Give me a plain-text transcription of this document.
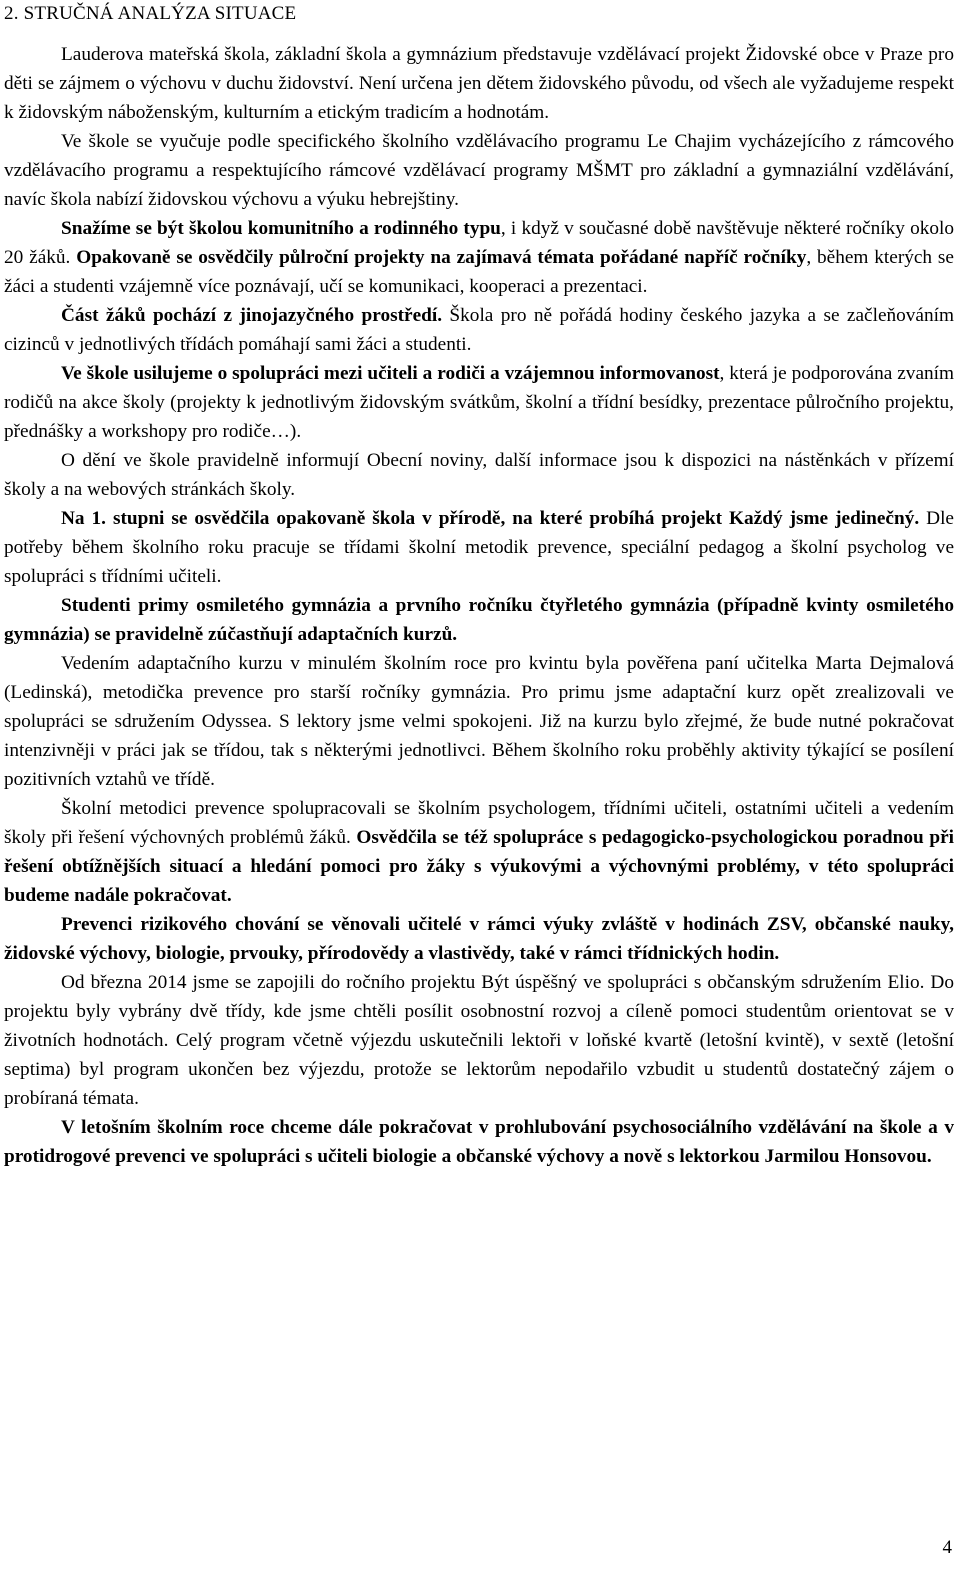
2. STRUČNÁ ANALÝZA SITUACE

Lauderova mateřská škola, základní škola a gymnázium představuje vzdělávací projekt Židovské obce v Praze pro děti se zájmem o výchovu v duchu židovství. Není určena jen dětem židovského původu, od všech ale vyžadujeme respekt k židovským náboženským, kulturním a etickým tradicím a hodnotám.

Ve škole se vyučuje podle specifického školního vzdělávacího programu Le Chajim vycházejícího z rámcového vzdělávacího programu a respektujícího rámcové vzdělávací programy MŠMT pro základní a gymnaziální vzdělávání, navíc škola nabízí židovskou výchovu a výuku hebrejštiny.

Snažíme se být školou komunitního a rodinného typu, i když v současné době navštěvuje některé ročníky okolo 20 žáků. Opakovaně se osvědčily půlroční projekty na zajímavá témata pořádané napříč ročníky, během kterých se žáci a studenti vzájemně více poznávají, učí se komunikaci, kooperaci a prezentaci.

Část žáků pochází z jinojazyčného prostředí. Škola pro ně pořádá hodiny českého jazyka a se začleňováním cizinců v jednotlivých třídách pomáhají sami žáci a studenti.

Ve škole usilujeme o spolupráci mezi učiteli a rodiči a vzájemnou informovanost, která je podporována zvaním rodičů na akce školy (projekty k jednotlivým židovským svátkům, školní a třídní besídky, prezentace půlročního projektu, přednášky a workshopy pro rodiče…).

O dění ve škole pravidelně informují Obecní noviny, další informace jsou k dispozici na nástěnkách v přízemí školy a na webových stránkách školy.

Na 1. stupni se osvědčila opakovaně škola v přírodě, na které probíhá projekt Každý jsme jedinečný. Dle potřeby během školního roku pracuje se třídami školní metodik prevence, speciální pedagog a školní psycholog ve spolupráci s třídními učiteli.

Studenti primy osmiletého gymnázia a prvního ročníku čtyřletého gymnázia (případně kvinty osmiletého gymnázia) se pravidelně zúčastňují adaptačních kurzů.

Vedením adaptačního kurzu v minulém školním roce pro kvintu byla pověřena paní učitelka Marta Dejmalová (Ledinská), metodička prevence pro starší ročníky gymnázia. Pro primu jsme adaptační kurz opět zrealizovali ve spolupráci se sdružením Odyssea. S lektory jsme velmi spokojeni. Již na kurzu bylo zřejmé, že bude nutné pokračovat intenzivněji v práci jak se třídou, tak s některými jednotlivci. Během školního roku proběhly aktivity týkající se posílení pozitivních vztahů ve třídě.

Školní metodici prevence spolupracovali se školním psychologem, třídními učiteli, ostatními učiteli a vedením školy při řešení výchovných problémů žáků. Osvědčila se též spolupráce s pedagogicko-psychologickou poradnou při řešení obtížnějších situací a hledání pomoci pro žáky s výukovými a výchovnými problémy, v této spolupráci budeme nadále pokračovat.

Prevenci rizikového chování se věnovali učitelé v rámci výuky zvláště v hodinách ZSV, občanské nauky, židovské výchovy, biologie, prvouky, přírodovědy a vlastivědy, také v rámci třídnických hodin.

Od března 2014 jsme se zapojili do ročního projektu Být úspěšný ve spolupráci s občanským sdružením Elio. Do projektu byly vybrány dvě třídy, kde jsme chtěli posílit osobnostní rozvoj a cíleně pomoci studentům orientovat se v životních hodnotách. Celý program včetně výjezdu uskutečnili lektoři v loňské kvartě (letošní kvintě), v sextě (letošní septima) byl program ukončen bez výjezdu, protože se lektorům nepodařilo vzbudit u studentů dostatečný zájem o probíraná témata.

V letošním školním roce chceme dále pokračovat v prohlubování psychosociálního vzdělávání na škole a v protidrogové prevenci ve spolupráci s učiteli biologie a občanské výchovy a nově s lektorkou Jarmilou Honsovou.

4
